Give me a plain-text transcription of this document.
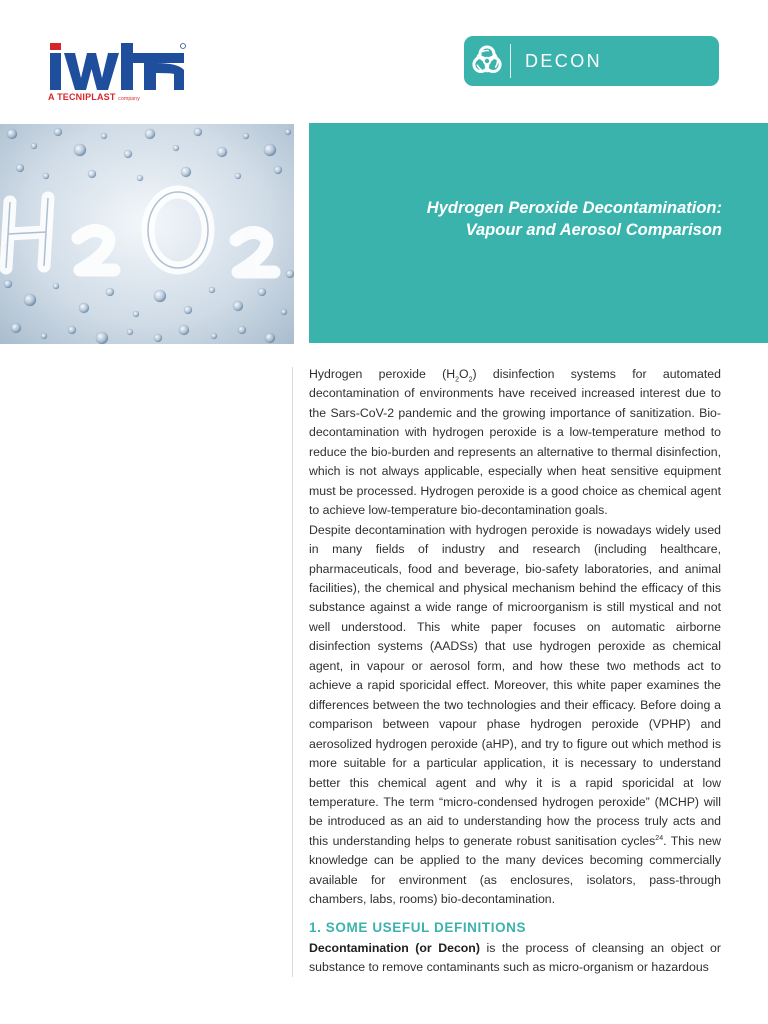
A TECNIPLAST company
DECON
Hydrogen Peroxide Decontamination:
Vapour and Aerosol Comparison

Hydrogen peroxide $(H_2O_2)$ disinfection systems for automated decontamination of environments have received increased interest due to the Sars-CoV-2 pandemic and the growing importance of sanitization. Bio-decontamination with hydrogen peroxide is a low-temperature method to reduce the bio-burden and represents an alternative to thermal disinfection, which is not always applicable, especially when heat sensitive equipment must be processed. Hydrogen peroxide is a good choice as chemical agent to achieve low-temperature bio-decontamination goals.

Despite decontamination with hydrogen peroxide is nowadays widely used in many fields of industry and research (including healthcare, pharmaceuticals, food and beverage, bio-safety laboratories, and animal facilities), the chemical and physical mechanism behind the efficacy of this substance against a wide range of microorganism is still mystical and not well understood. This white paper focuses on automatic airborne disinfection systems (AADSs) that use hydrogen peroxide as chemical agent, in vapour or aerosol form, and how these two methods act to achieve a rapid sporicidal effect. Moreover, this white paper examines the differences between the two technologies and their efficacy. Before doing a comparison between vapour phase hydrogen peroxide (VPHP) and aerosolized hydrogen peroxide (aHP), and try to figure out which method is more suitable for a particular application, it is necessary to understand better this chemical agent and why it is a rapid sporicidal at low temperature. The term “micro-condensed hydrogen peroxide” (MCHP) will be introduced as an aid to understanding how the process truly acts and this understanding helps to generate robust sanitisation cycles$^{24}$. This new knowledge can be applied to the many devices becoming commercially available for environment (as enclosures, isolators, pass-through chambers, labs, rooms) bio-decontamination.

1. SOME USEFUL DEFINITIONS

Decontamination (or Decon) is the process of cleansing an object or substance to remove contaminants such as micro-organism or hazardous
